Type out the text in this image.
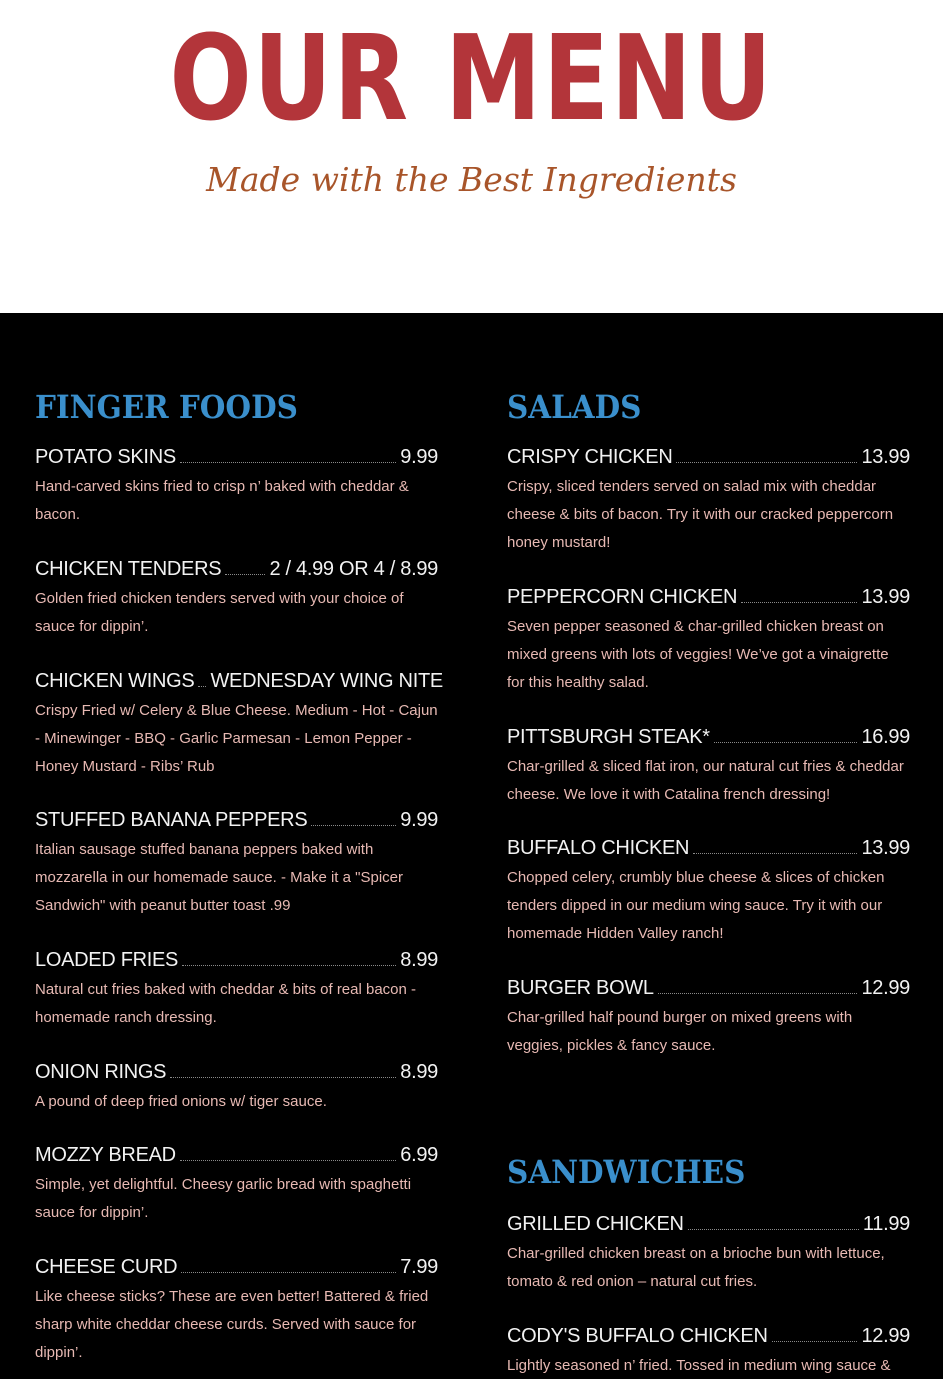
OUR MENU
Made with the Best Ingredients
FINGER FOODS
POTATO SKINS	9.99
Hand-carved skins fried to crisp n’ baked with cheddar & bacon.
CHICKEN TENDERS 2 / 4.99 OR 4 / 8.99
Golden fried chicken tenders served with your choice of sauce for dippin’.
CHICKEN WINGS WEDNESDAY WING NITE
Crispy Fried w/ Celery & Blue Cheese. Medium - Hot - Cajun - Minewinger - BBQ - Garlic Parmesan - Lemon Pepper - Honey Mustard - Ribs’ Rub
STUFFED BANANA PEPPERS	9.99
Italian sausage stuffed banana peppers baked with mozzarella in our homemade sauce. - Make it a "Spicer Sandwich" with peanut butter toast .99
LOADED FRIES	8.99
Natural cut fries baked with cheddar & bits of real bacon - homemade ranch dressing.
ONION RINGS	8.99
A pound of deep fried onions w/ tiger sauce.
MOZZY BREAD	6.99
Simple, yet delightful. Cheesy garlic bread with spaghetti sauce for dippin’.
CHEESE CURD	7.99
Like cheese sticks? These are even better! Battered & fried sharp white cheddar cheese curds. Served with sauce for dippin’.
SALADS
CRISPY CHICKEN	13.99
Crispy, sliced tenders served on salad mix with cheddar cheese & bits of bacon. Try it with our cracked peppercorn honey mustard!
PEPPERCORN CHICKEN	13.99
Seven pepper seasoned & char-grilled chicken breast on mixed greens with lots of veggies! We’ve got a vinaigrette for this healthy salad.
PITTSBURGH STEAK*	16.99
Char-grilled & sliced flat iron, our natural cut fries & cheddar cheese. We love it with Catalina french dressing!
BUFFALO CHICKEN	13.99
Chopped celery, crumbly blue cheese & slices of chicken tenders dipped in our medium wing sauce. Try it with our homemade Hidden Valley ranch!
BURGER BOWL	12.99
Char-grilled half pound burger on mixed greens with veggies, pickles & fancy sauce.
SANDWICHES
GRILLED CHICKEN	11.99
Char-grilled chicken breast on a brioche bun with lettuce, tomato & red onion – natural cut fries.
CODY'S BUFFALO CHICKEN	12.99
Lightly seasoned n’ fried. Tossed in medium wing sauce &
